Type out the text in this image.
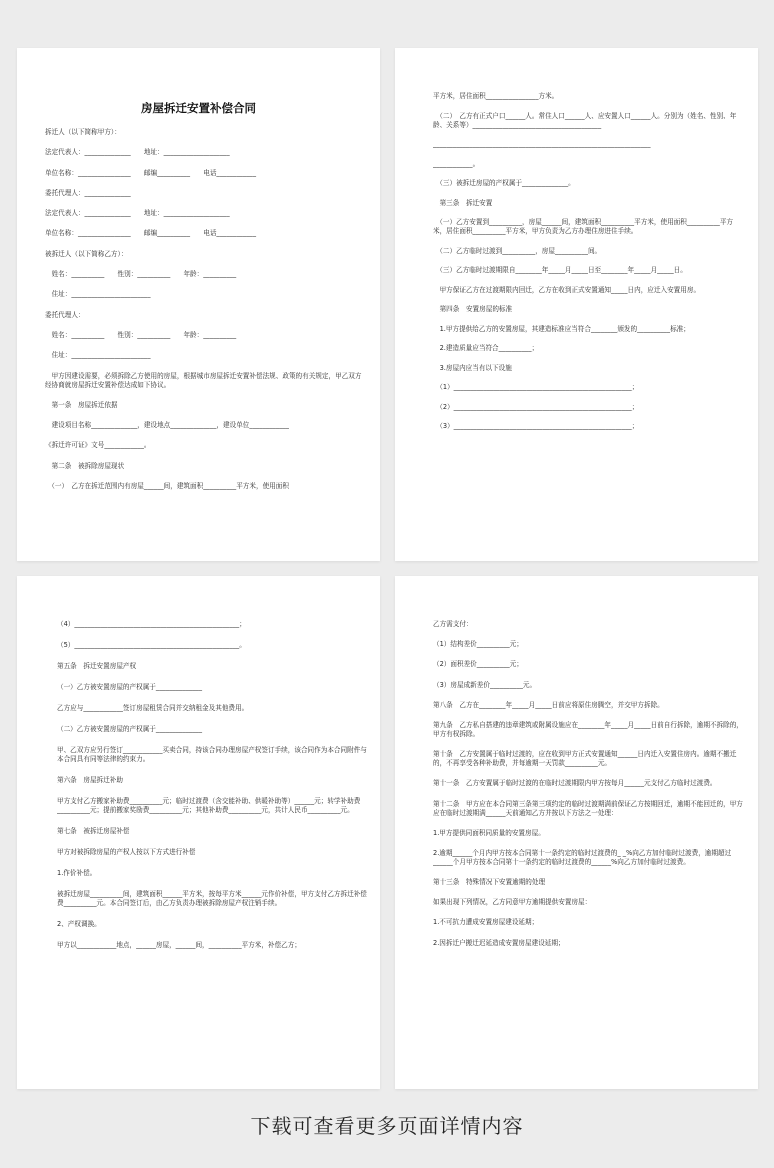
房屋拆迁安置补偿合同
拆迁人（以下简称甲方）：
法定代表人：______________　　地址：____________________
单位名称：________________　　邮编__________　　电话____________
委托代理人：______________
法定代表人：______________　　地址：____________________
单位名称：________________　　邮编__________　　电话____________
被拆迁人（以下简称乙方）：
　姓名：__________　　性别：__________　　年龄：__________
　住址：________________________
委托代理人：
　姓名：__________　　性别：__________　　年龄：__________
　住址：________________________
　甲方因建设需要，必须拆除乙方使用的房屋，根据城市房屋拆迁安置补偿法规、政策的有关规定，甲乙双方经协商就房屋拆迁安置补偿达成如下协议。
　第一条　房屋拆迁依据
　建设项目名称______________，建设地点______________，建设单位____________
《拆迁许可证》文号____________。
　第二条　被拆除房屋现状
　（一）　乙方在拆迁范围内有房屋______间，建筑面积__________平方米，使用面积
平方米，居住面积________________方米。
　（二）　乙方有正式户口______人。常住人口______人、应安置人口______人。分别为（姓名、性别、年龄、关系等）_______________________________________
__________________________________________________________________
____________。
　（三）被拆迁房屋的产权属于______________。
　第三条　拆迁安置
　（一）乙方安置到__________，房屋______间，建筑面积__________平方米，使用面积__________平方米，居住面积__________平方米，甲方负责为乙方办理住房进住手续。
　（二）乙方临时过渡到__________，房屋__________间。
　（三）乙方临时过渡期限自________年_____月_____日至________年_____月_____日。
　甲方保证乙方在过渡期限内回迁，乙方在收到正式安置通知_____日内，应迁入安置用房。
　第四条　安置房屋的标准
　1.甲方提供给乙方的安置房屋，其建造标准应当符合________颁发的__________标准；
　2.建造质量应当符合__________；
　3.房屋内应当有以下设施
　（1）______________________________________________________；
　（2）______________________________________________________；
　（3）______________________________________________________；
（4）__________________________________________________；
（5）__________________________________________________。
第五条　拆迁安置房屋产权
（一）乙方被安置房屋的产权属于______________
乙方应与____________签订房屋租赁合同并交纳租金及其他费用。
（二）乙方被安置房屋的产权属于______________
甲、乙双方应另行签订____________买卖合同，持该合同办理房屋产权签订手续，该合同作为本合同附件与本合同具有同等法律的约束力。
第六条　房屋拆迁补助
甲方支付乙方搬家补助费__________元；临时过渡费（含交能补助、供暖补助等）______元；转学补助费__________元；提前搬家奖励费__________元；其他补助费__________元，共计人民币__________元。
第七条　被拆迁房屋补偿
甲方对被拆除房屋的产权人按以下方式进行补偿
1.作价补偿。
被拆迁房屋__________间，建筑面积______平方米，按每平方米______元作价补偿，甲方支付乙方拆迁补偿费__________元。本合同签订后，由乙方负责办理被拆除房屋产权注销手续。
2、产权调换。
甲方以____________地点，______房屋，______间，__________平方米，补偿乙方；
乙方需支付：
（1）结构差价__________元；
（2）面积差价__________元；
（3）房屋成新差价__________元。
第八条　乙方在________年_____月_____日前应将原住房腾空，并交甲方拆除。
第九条　乙方私自搭建的违章建筑或附属设施应在________年_____月_____日前自行拆除，逾期不拆除的，甲方有权拆除。
第十条　乙方安置属于临时过渡的，应在收到甲方正式安置通知______日内迁入安置住房内。逾期不搬迁的，不再享受各种补助费，并每逾期一天罚款__________元。
第十一条　乙方安置属于临时过渡的在临时过渡期限内甲方按每月______元支付乙方临时过渡费。
第十二条　甲方应在本合同第三条第三项约定的临时过渡期满前保证乙方按期回迁，逾期不能回迁的，甲方应在临时过渡期满______天前通知乙方并按以下方法之一处理：
1.甲方提供同面积同质量的安置房屋。
2.逾期______个月内甲方按本合同第十一条约定的临时过渡费的_ _%向乙方加付临时过渡费，逾期超过______个月甲方按本合同第十一条约定的临时过渡费的______%向乙方加付临时过渡费。
第十三条　特殊情况下安置逾期的处理
如果出现下列情况，乙方同意甲方逾期提供安置房屋：
1.不可抗力遭成安置房屋建设延期；
2.因拆迁户搬迁迟延造成安置房屋建设延期；
下载可查看更多页面详情内容
